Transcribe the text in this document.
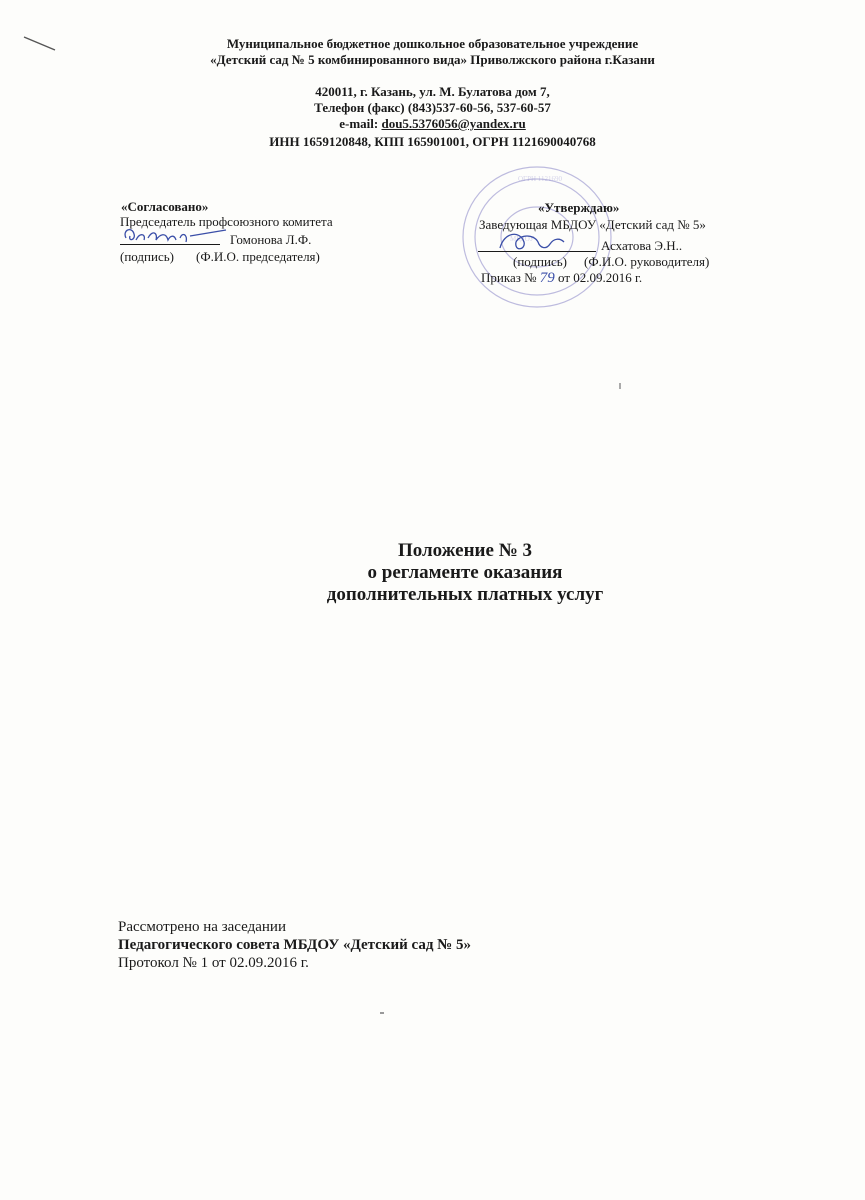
Муниципальное бюджетное дошкольное образовательное учреждение
«Детский сад № 5 комбинированного вида» Приволжского района г.Казани
420011, г. Казань, ул. М. Булатова дом 7,
Телефон (факс) (843)537-60-56, 537-60-57
e-mail: dou5.5376056@yandex.ru
ИНН 1659120848, КПП 165901001, ОГРН 1121690040768
ОГРН 1121690
МБДОУ
«Согласовано»
Председатель профсоюзного комитета
Гомонова Л.Ф.
(подпись) (Ф.И.О. председателя)
«Утверждаю»
Заведующая МБДОУ «Детский сад № 5»
Асхатова Э.Н..
(подпись) (Ф.И.О. руководителя)
Приказ № 79 от 02.09.2016 г.
Положение № 3
о регламенте оказания
дополнительных платных услуг
Рассмотрено на заседании
Педагогического совета МБДОУ «Детский сад № 5»
Протокол № 1 от 02.09.2016 г.
